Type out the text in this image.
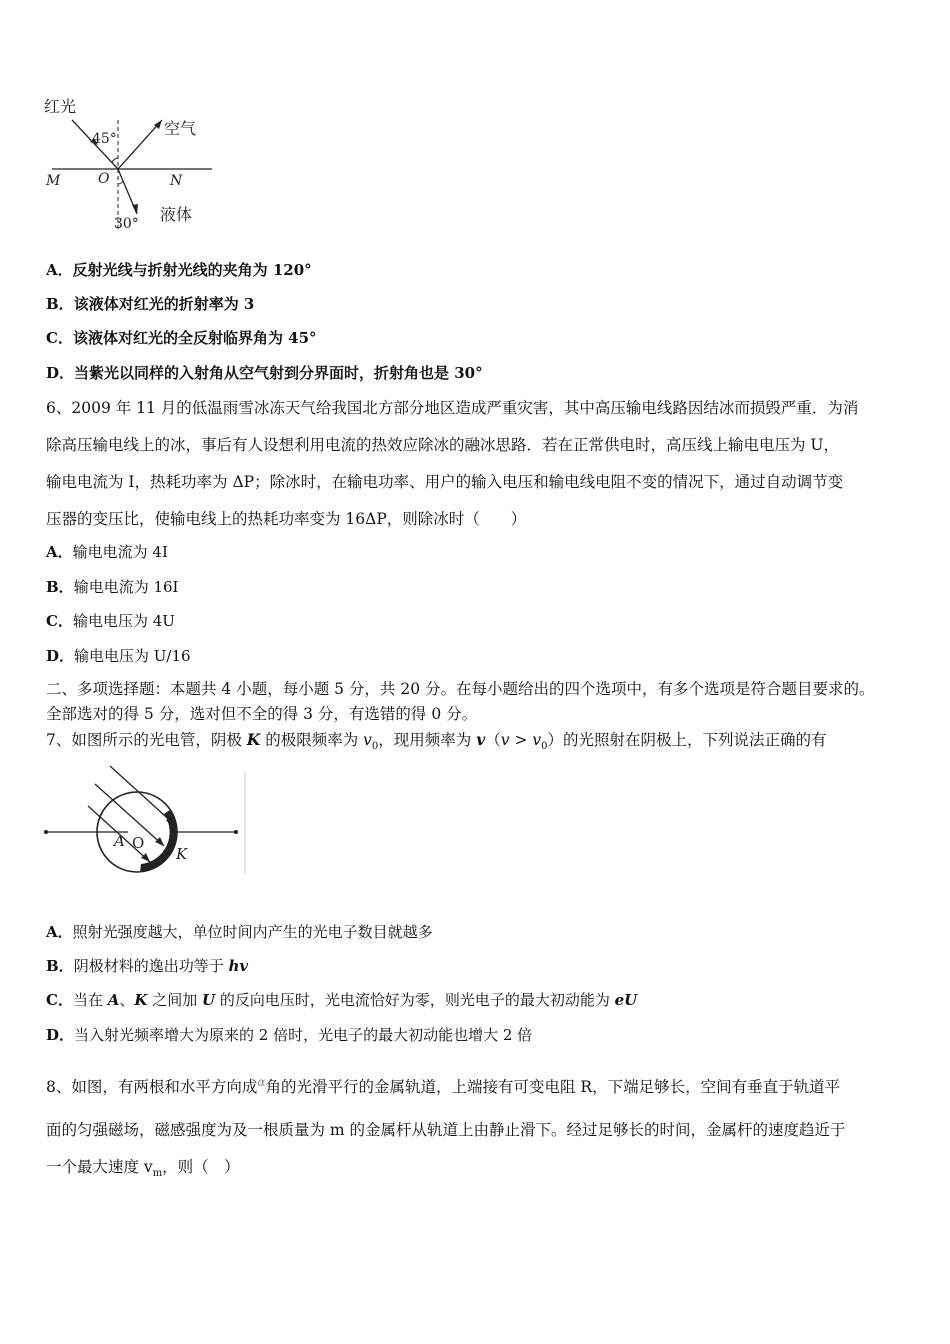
红光
空气
液体
M	O	N
45°
30°
A．反射光线与折射光线的夹角为 120°
B．该液体对红光的折射率为 3
C．该液体对红光的全反射临界角为 45°
D．当紫光以同样的入射角从空气射到分界面时，折射角也是 30°
6、2009 年 11 月的低温雨雪冰冻天气给我国北方部分地区造成严重灾害，其中高压输电线路因结冰而损毁严重．为消
除高压输电线上的冰，事后有人设想利用电流的热效应除冰的融冰思路．若在正常供电时，高压线上输电电压为 U，
输电电流为 I，热耗功率为 ΔP；除冰时，在输电功率、用户的输入电压和输电线电阻不变的情况下，通过自动调节变
压器的变压比，使输电线上的热耗功率变为 16ΔP，则除冰时（　　）
A．输电电流为 4I
B．输电电流为 16I
C．输电电压为 4U
D．输电电压为 U/16
二、多项选择题：本题共 4 小题，每小题 5 分，共 20 分。在每小题给出的四个选项中，有多个选项是符合题目要求的。
全部选对的得 5 分，选对但不全的得 3 分，有选错的得 0 分。
7、如图所示的光电管，阴极 K 的极限频率为 $v_0$，现用频率为 $v(v > v_0)$的光照射在阴极上，下列说法正确的有
A O
K
A．照射光强度越大，单位时间内产生的光电子数目就越多
B．阴极材料的逸出功等于 hv
C．当在 A、K 之间加 U 的反向电压时，光电流恰好为零，则光电子的最大初动能为 eU
D．当入射光频率增大为原来的 2 倍时，光电子的最大初动能也增大 2 倍
8、如图，有两根和水平方向成$^\alpha$角的光滑平行的金属轨道，上端接有可变电阻 R，下端足够长，空间有垂直于轨道平
面的匀强磁场，磁感强度为及一根质量为 m 的金属杆从轨道上由静止滑下。经过足够长的时间，金属杆的速度趋近于
一个最大速度 $v_m$，则（　）
